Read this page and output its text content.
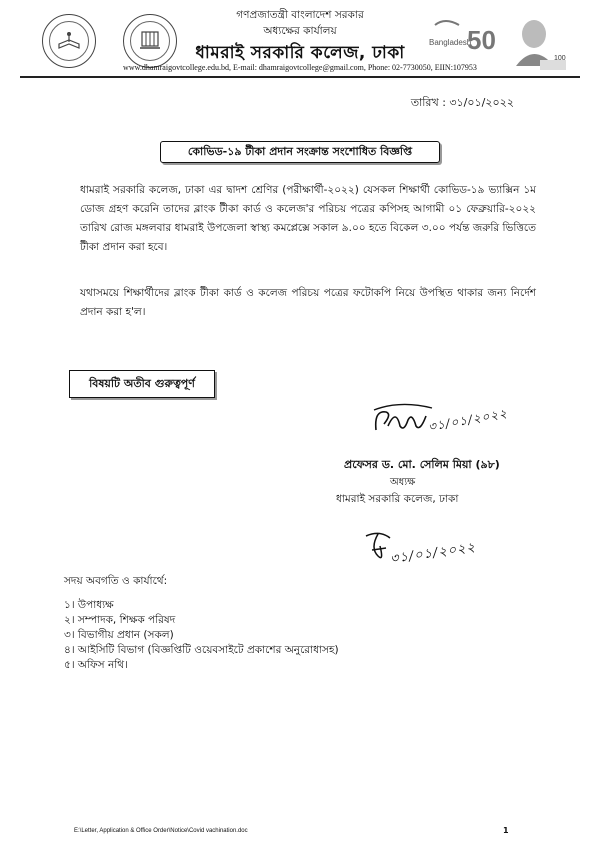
Bangladesh
50
100
গণপ্রজাতন্ত্রী বাংলাদেশ সরকার
অধ্যক্ষের কার্যালয়
ধামরাই সরকারি কলেজ, ঢাকা
www.dhamraigovtcollege.edu.bd, E-mail: dhamraigovtcollege@gmail.com, Phone: 02-7730050, EIIN:107953
তারিখ : ৩১/০১/২০২২
কোভিড-১৯ টীকা প্রদান সংক্রান্ত সংশোধিত বিজ্ঞপ্তি
ধামরাই সরকারি কলেজ, ঢাকা এর দ্বাদশ শ্রেণির (পরীক্ষার্থী-২০২২) যেসকল শিক্ষার্থী কোভিড-১৯ ভ্যাক্সিন ১ম ডোজ গ্রহণ করেনি তাদের ব্লাংক টীকা কার্ড ও কলেজ'র পরিচয় পত্রের কপিসহ আগামী ০১ ফেব্রুয়ারি-২০২২ তারিখ রোজ মঙ্গলবার ধামরাই উপজেলা স্বাস্থ্য কমপ্লেক্সে সকাল ৯.০০ হতে বিকেল ৩.০০ পর্যন্ত জরুরি ভিত্তিতে টীকা প্রদান করা হবে।
যথাসময়ে শিক্ষার্থীদের ব্লাংক টীকা কার্ড ও কলেজ পরিচয় পত্রের ফটোকপি নিয়ে উপস্থিত থাকার জন্য নির্দেশ প্রদান করা হ'ল।
বিষয়টি অতীব গুরুত্বপূর্ণ
৩১/০১/২০২২
প্রফেসর ড. মো. সেলিম মিয়া (৯৮)
অধ্যক্ষ
ধামরাই সরকারি কলেজ, ঢাকা
৩১/০১/২০২২
সদয় অবগতি ও কার্যার্থে:
১। উপাধ্যক্ষ
২। সম্পাদক, শিক্ষক পরিষদ
৩। বিভাগীয় প্রধান (সকল)
৪। আইসিটি বিভাগ (বিজ্ঞপ্তিটি ওয়েবসাইটে প্রকাশের অনুরোধাসহ)
৫। অফিস নথি।
E:\Letter, Application & Office Order\Notice\Covid vachination.doc	1
